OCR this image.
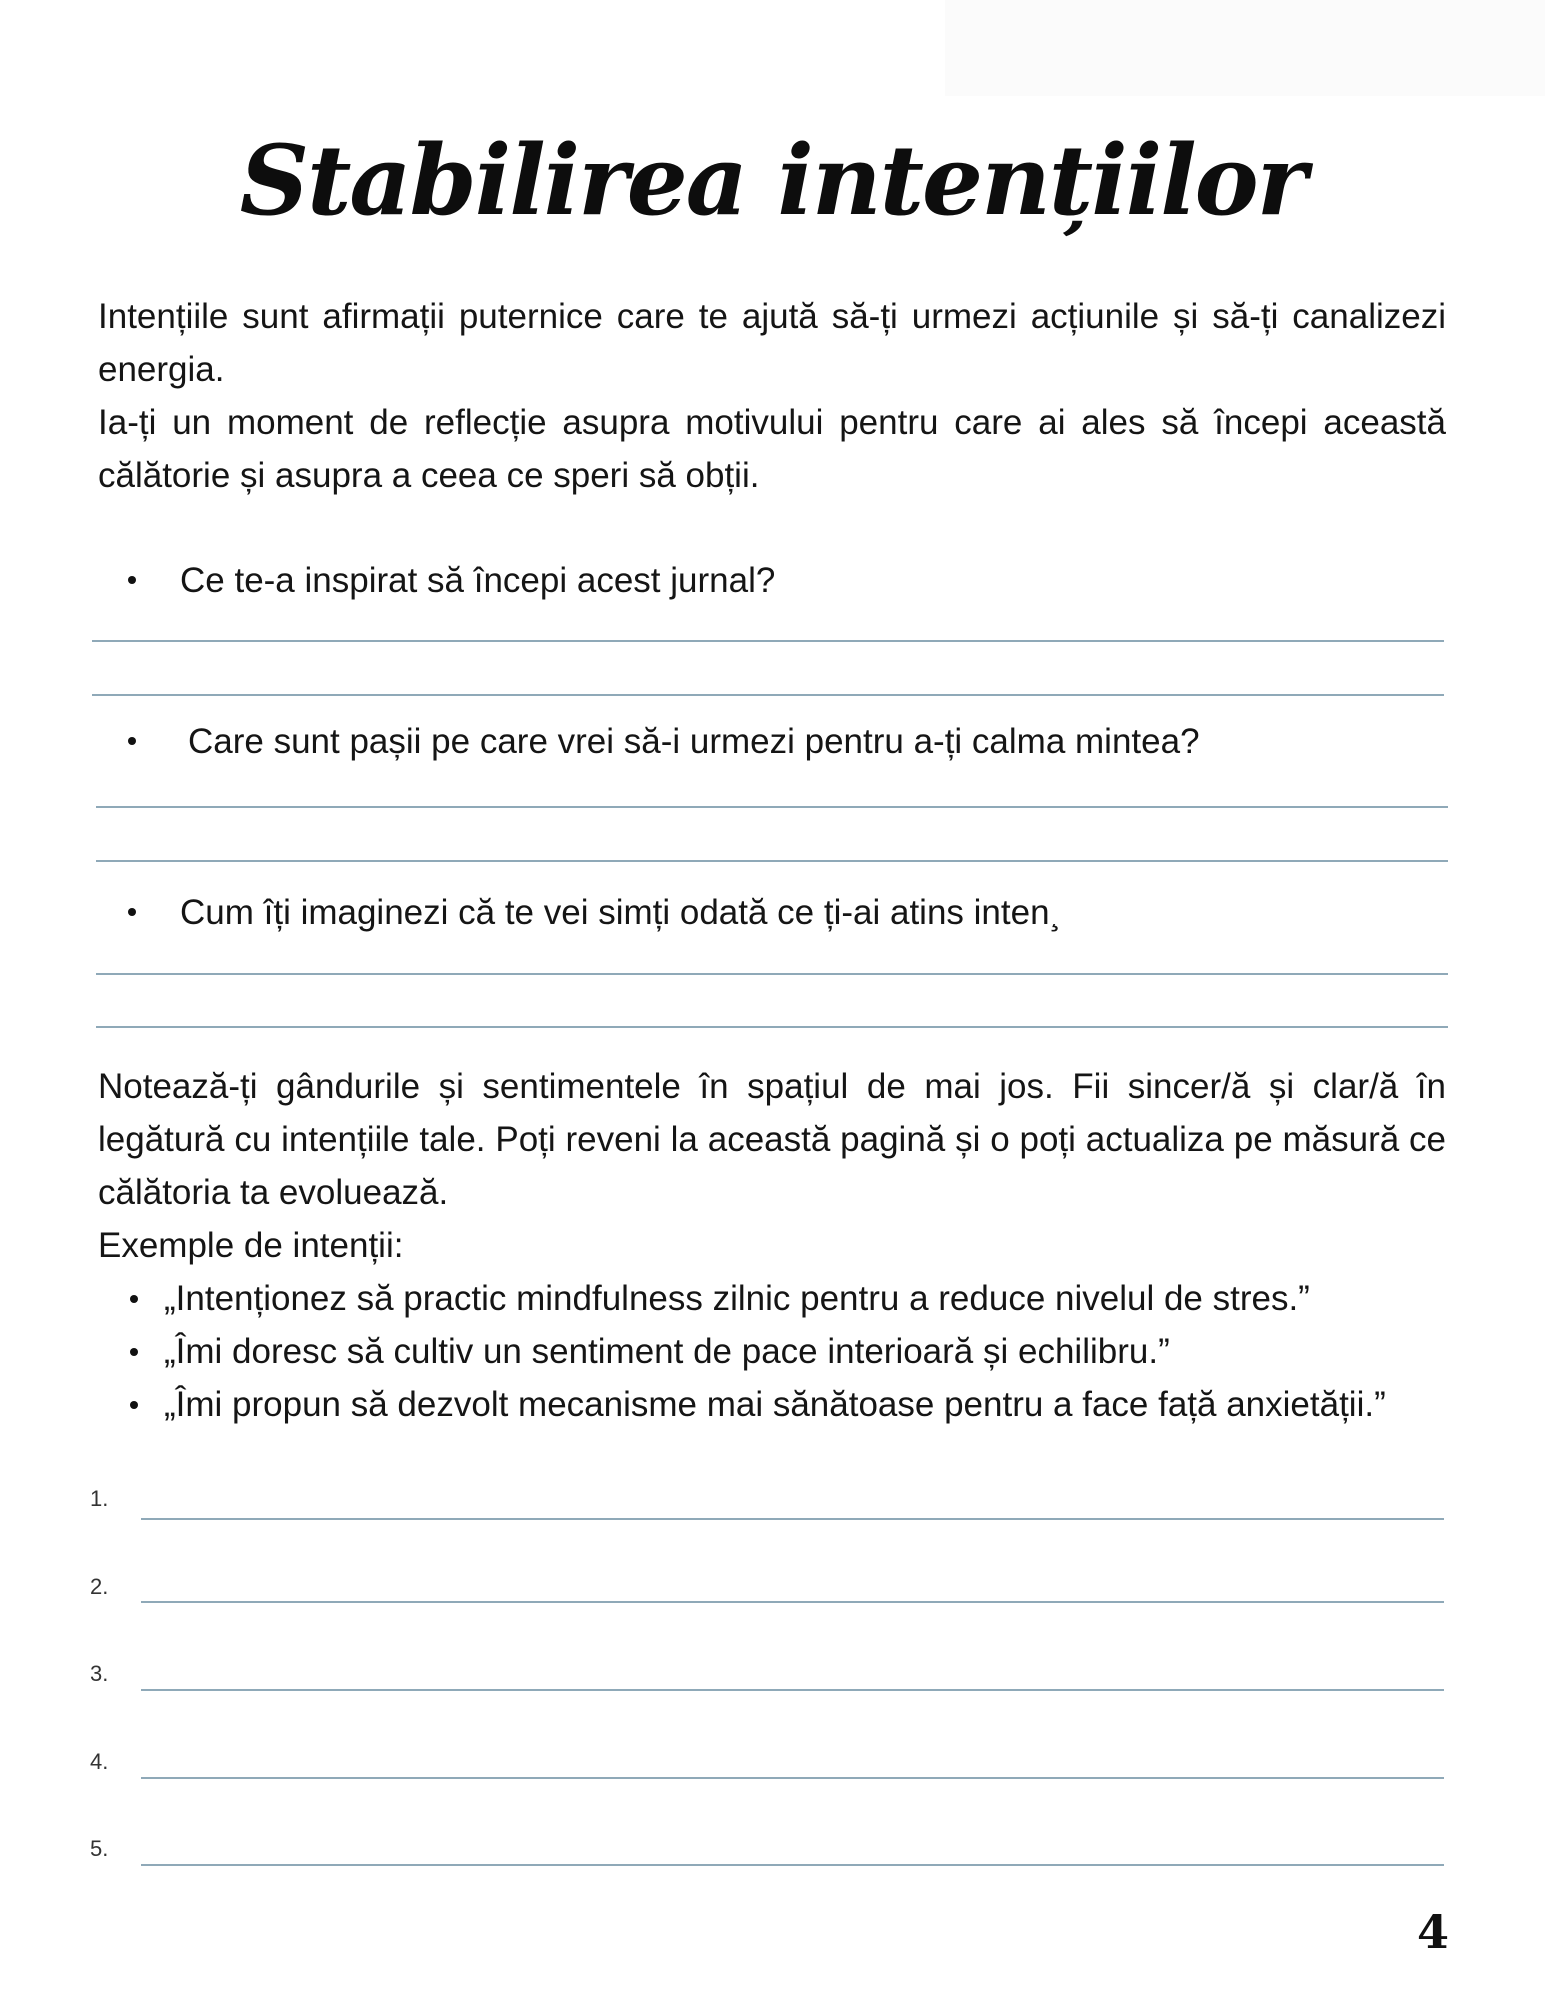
Stabilirea intențiilor

Intențiile sunt afirmații puternice care te ajută să-ți urmezi acțiunile și să-ți canalizezi energia.

Ia-ți un moment de reflecție asupra motivului pentru care ai ales să începi această călătorie și asupra a ceea ce speri să obții.

Ce te-a inspirat să începi acest jurnal?
Care sunt pașii pe care vrei să-i urmezi pentru a-ți calma mintea?
Cum îți imaginezi că te vei simți odată ce ți-ai atins inten¸

Notează-ți gândurile și sentimentele în spațiul de mai jos. Fii sincer/ă și clar/ă în legătură cu intențiile tale. Poți reveni la această pagină și o poți actualiza pe măsură ce călătoria ta evoluează.

Exemple de intenții:

„Intenționez să practic mindfulness zilnic pentru a reduce nivelul de stres.”
„Îmi doresc să cultiv un sentiment de pace interioară și echilibru.”
„Îmi propun să dezvolt mecanisme mai sănătoase pentru a face față anxietății.”
1.
2.
3.
4.
5.
4
